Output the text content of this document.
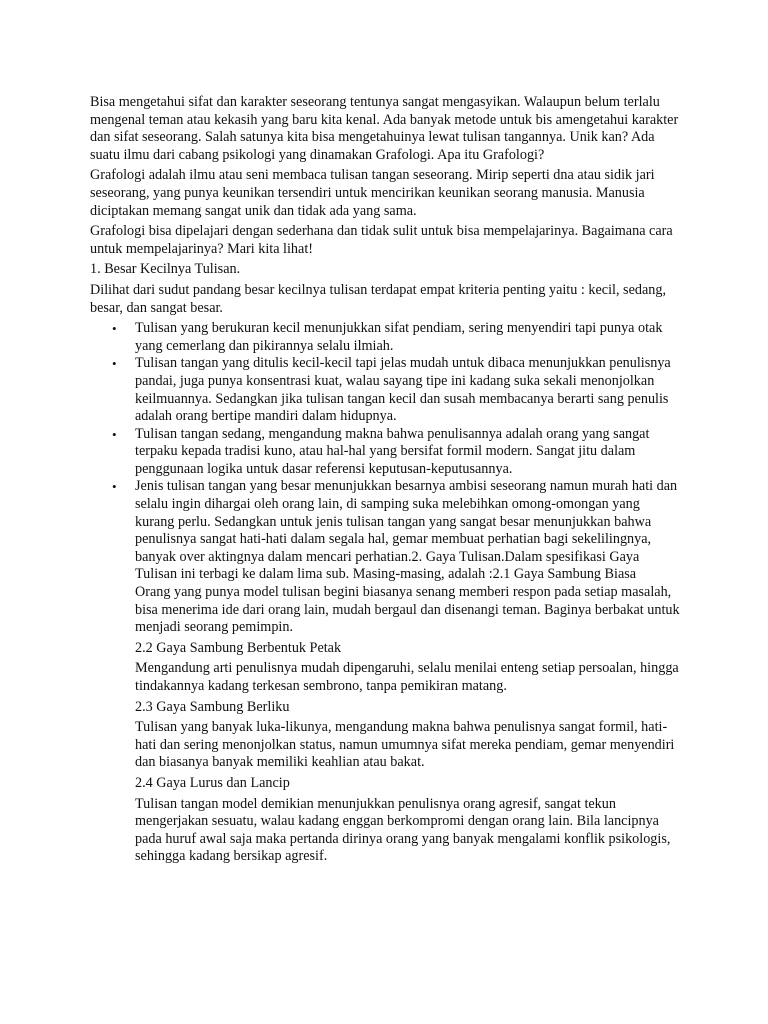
Bisa mengetahui sifat dan karakter seseorang tentunya sangat mengasyikan. Walaupun belum terlalu mengenal teman atau kekasih yang baru kita kenal. Ada banyak metode untuk bis amengetahui karakter dan sifat seseorang. Salah satunya kita bisa mengetahuinya lewat tulisan tangannya. Unik kan? Ada suatu ilmu dari cabang psikologi yang dinamakan Grafologi. Apa itu Grafologi?

Grafologi adalah ilmu atau seni membaca tulisan tangan seseorang. Mirip seperti dna atau sidik jari seseorang, yang punya keunikan tersendiri untuk mencirikan keunikan seorang manusia. Manusia diciptakan memang sangat unik dan tidak ada yang sama.

Grafologi bisa dipelajari dengan sederhana dan tidak sulit untuk bisa mempelajarinya. Bagaimana cara untuk mempelajarinya? Mari kita lihat!

1. Besar Kecilnya Tulisan.

Dilihat dari sudut pandang besar kecilnya tulisan terdapat empat kriteria penting yaitu : kecil, sedang, besar, dan sangat besar.

• Tulisan yang berukuran kecil menunjukkan sifat pendiam, sering menyendiri tapi punya otak yang cemerlang dan pikirannya selalu ilmiah.
• Tulisan tangan yang ditulis kecil-kecil tapi jelas mudah untuk dibaca menunjukkan penulisnya pandai, juga punya konsentrasi kuat, walau sayang tipe ini kadang suka sekali menonjolkan keilmuannya. Sedangkan jika tulisan tangan kecil dan susah membacanya berarti sang penulis adalah orang bertipe mandiri dalam hidupnya.
• Tulisan tangan sedang, mengandung makna bahwa penulisannya adalah orang yang sangat terpaku kepada tradisi kuno, atau hal-hal yang bersifat formil modern. Sangat jitu dalam penggunaan logika untuk dasar referensi keputusan-keputusannya.
• Jenis tulisan tangan yang besar menunjukkan besarnya ambisi seseorang namun murah hati dan selalu ingin dihargai oleh orang lain, di samping suka melebihkan omong-omongan yang kurang perlu. Sedangkan untuk jenis tulisan tangan yang sangat besar menunjukkan bahwa penulisnya sangat hati-hati dalam segala hal, gemar membuat perhatian bagi sekelilingnya, banyak over aktingnya dalam mencari perhatian.2. Gaya Tulisan.Dalam spesifikasi Gaya Tulisan ini terbagi ke dalam lima sub. Masing-masing, adalah :2.1 Gaya Sambung Biasa

Orang yang punya model tulisan begini biasanya senang memberi respon pada setiap masalah, bisa menerima ide dari orang lain, mudah bergaul dan disenangi teman. Baginya berbakat untuk menjadi seorang pemimpin.

2.2 Gaya Sambung Berbentuk Petak

Mengandung arti penulisnya mudah dipengaruhi, selalu menilai enteng setiap persoalan, hingga tindakannya kadang terkesan sembrono, tanpa pemikiran matang.

2.3 Gaya Sambung Berliku

Tulisan yang banyak luka-likunya, mengandung makna bahwa penulisnya sangat formil, hati-hati dan sering menonjolkan status, namun umumnya sifat mereka pendiam, gemar menyendiri dan biasanya banyak memiliki keahlian atau bakat.

2.4 Gaya Lurus dan Lancip

Tulisan tangan model demikian menunjukkan penulisnya orang agresif, sangat tekun mengerjakan sesuatu, walau kadang enggan berkompromi dengan orang lain. Bila lancipnya pada huruf awal saja maka pertanda dirinya orang yang banyak mengalami konflik psikologis, sehingga kadang bersikap agresif.
